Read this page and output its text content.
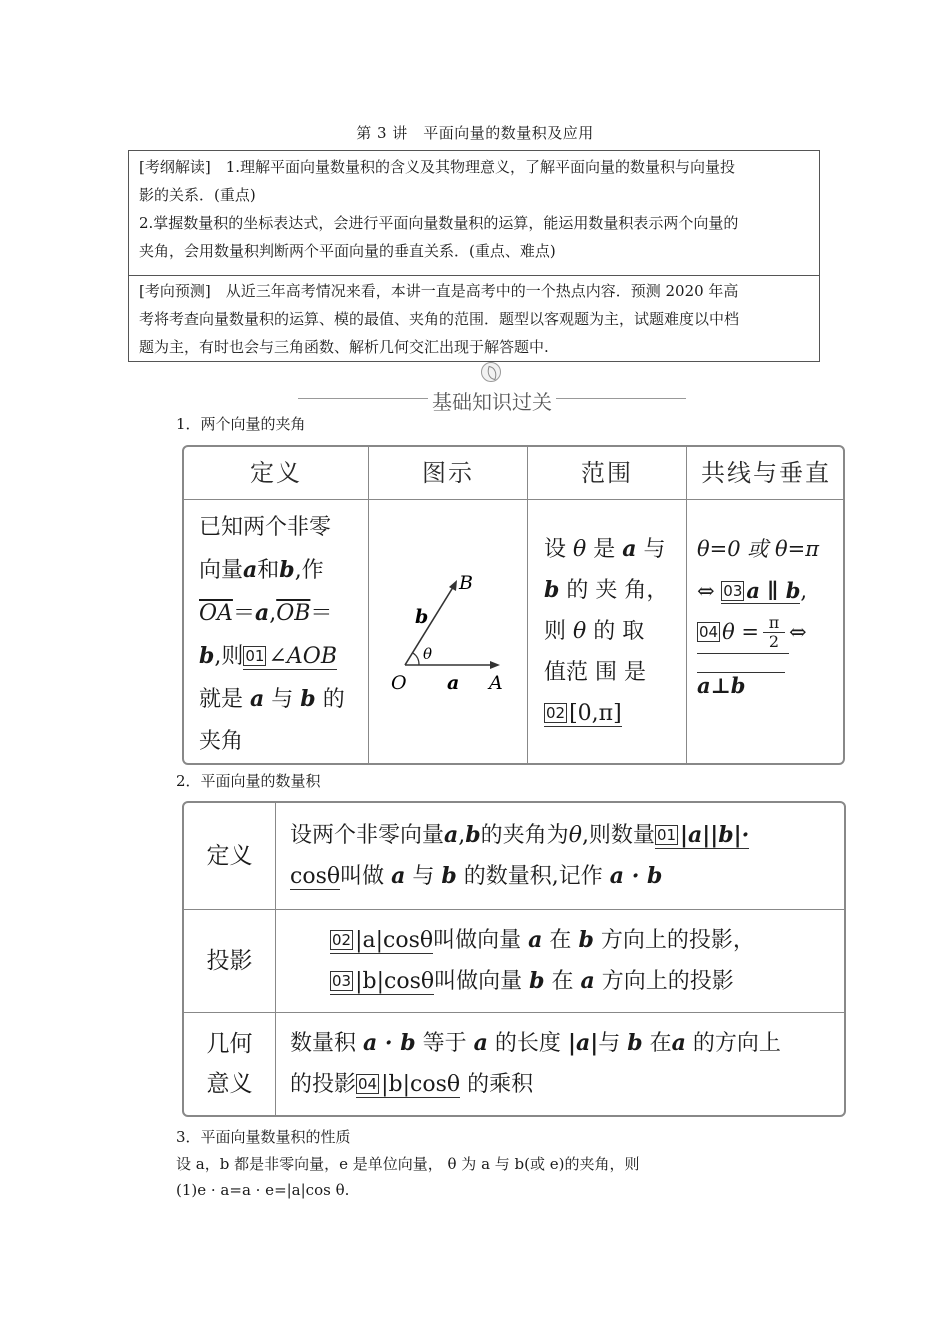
第 3 讲　平面向量的数量积及应用

[考纲解读]　1.理解平面向量数量积的含义及其物理意义，了解平面向量的数量积与向量投
影的关系．(重点)
2.掌握数量积的坐标表达式，会进行平面向量数量积的运算，能运用数量积表示两个向量的
夹角，会用数量积判断两个平面向量的垂直关系．(重点、难点)

[考向预测]　从近三年高考情况来看，本讲一直是高考中的一个热点内容．预测 2020 年高
考将考查向量数量积的运算、模的最值、夹角的范围．题型以客观题为主，试题难度以中档
题为主，有时也会与三角函数、解析几何交汇出现于解答题中.

基础知识过关
1．两个向量的夹角
定义
已知两个非零
向量a和b,作
$\overline{OA}=a,\overline{OB}=$
b,则 01 ∠AOB
就是 a 与 b 的
夹角
图示
O	A
B
a
b
θ
范围
设 θ 是 a 与
b 的 夹 角，
则 θ 的 取
值范 围 是
02 [0,π]
共线与垂直
θ=0 或 θ=π
⇔ 03 a ∥ b,
04 $\theta = \frac{\pi}{2}$ ⇔
a⊥b
2．平面向量的数量积
定义
设两个非零向量a,b的夹角为θ,则数量 01 |a||b|·
cosθ叫做 a 与 b 的数量积,记作 a · b
投影
02 |a|cosθ叫做向量 a 在 b 方向上的投影，
03 |b|cosθ叫做向量 b 在 a 方向上的投影
几何
意义
数量积 a · b 等于 a 的长度 |a|与 b 在a 的方向上
的投影 04 |b|cosθ 的乘积
3．平面向量数量积的性质
设 a，b 都是非零向量，e 是单位向量， θ 为 a 与 b(或 e)的夹角，则
(1)e · a=a · e=|a|cos θ.
